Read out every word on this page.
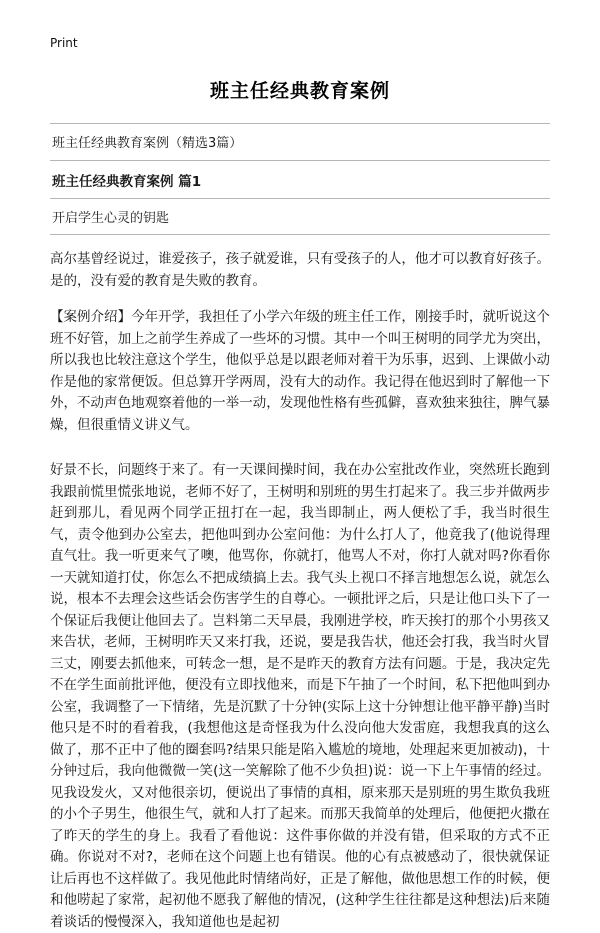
Print
班主任经典教育案例
班主任经典教育案例（精选3篇）
班主任经典教育案例 篇1
开启学生心灵的钥匙

高尔基曾经说过，谁爱孩子，孩子就爱谁，只有受孩子的人，他才可以教育好孩子。是的，没有爱的教育是失败的教育。

【案例介绍】今年开学，我担任了小学六年级的班主任工作，刚接手时，就听说这个班不好管，加上之前学生养成了一些坏的习惯。其中一个叫王树明的同学尤为突出，所以我也比较注意这个学生，他似乎总是以跟老师对着干为乐事，迟到、上课做小动作是他的家常便饭。但总算开学两周，没有大的动作。我记得在他迟到时了解他一下外，不动声色地观察着他的一举一动，发现他性格有些孤僻，喜欢独来独往，脾气暴燥，但很重情义讲义气。

好景不长，问题终于来了。有一天课间操时间，我在办公室批改作业，突然班长跑到我跟前慌里慌张地说，老师不好了，王树明和别班的男生打起来了。我三步并做两步赶到那儿，看见两个同学正扭打在一起，我当即制止，两人便松了手，我当时很生气，责令他到办公室去，把他叫到办公室问他：为什么打人了，他竟我了(他说得理直气壮。我一听更来气了噢，他骂你，你就打，他骂人不对，你打人就对吗?你看你一天就知道打仗，你怎么不把成绩搞上去。我气头上视口不择言地想怎么说，就怎么说，根本不去理会这些话会伤害学生的自尊心。一顿批评之后，只是让他口头下了一个保证后我便让他回去了。岂料第二天早晨，我刚进学校，昨天挨打的那个小男孩又来告状，老师，王树明昨天又来打我，还说，要是我告状，他还会打我，我当时火冒三丈，刚要去抓他来，可转念一想，是不是昨天的教育方法有问题。于是，我决定先不在学生面前批评他，便没有立即找他来，而是下午抽了一个时间，私下把他叫到办公室，我调整了一下情绪，先是沉默了十分钟(实际上这十分钟想让他平静平静)当时他只是不时的看着我，(我想他这是奇怪我为什么没向他大发雷庭，我想我真的这么做了，那不正中了他的圈套吗?结果只能是陷入尴尬的境地，处理起来更加被动)，十分钟过后，我向他微微一笑(这一笑解除了他不少负担)说：说一下上午事情的经过。见我设发火，又对他很亲切，便说出了事情的真相，原来那天是别班的男生欺负我班的小个子男生，他很生气，就和人打了起来。而那天我简单的处理后，他便把火撒在了昨天的学生的身上。我看了看他说：这件事你做的并没有错，但采取的方式不正确。你说对不对?，老师在这个问题上也有错误。他的心有点被感动了，很快就保证让后再也不这样做了。我见他此时情绪尚好，正是了解他，做他思想工作的时候，便和他唠起了家常，起初他不愿我了解他的情况，(这种学生往往都是这种想法)后来随着谈话的慢慢深入，我知道他也是起初
